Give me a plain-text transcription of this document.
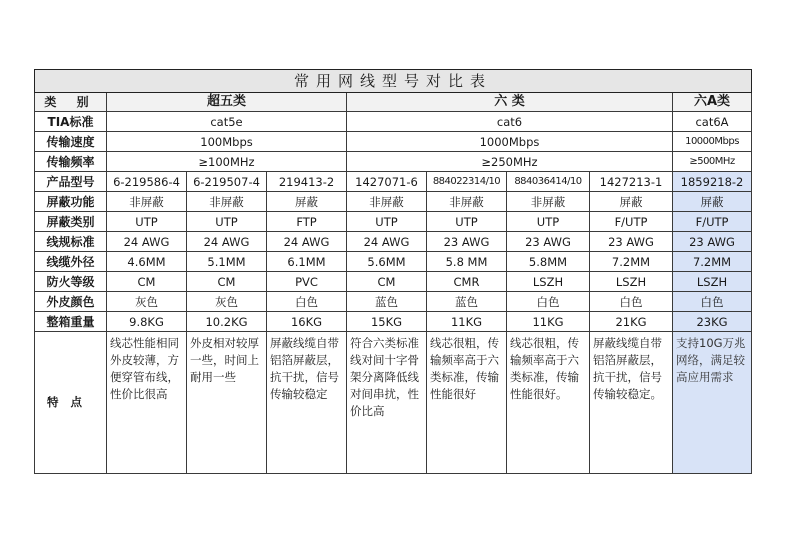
常用网线型号对比表								
类 别	超五类			六 类				六A类
TIA标准	cat5e			cat6				cat6A
传输速度	100Mbps			1000Mbps				10000Mbps
传输频率	≥100MHz			≥250MHz				≥500MHz
产品型号	6-219586-4	6-219507-4	219413-2	1427071-6	884022314/10	884036414/10	1427213-1	1859218-2
屏蔽功能	非屏蔽	非屏蔽	屏蔽	非屏蔽	非屏蔽	非屏蔽	屏蔽	屏蔽
屏蔽类别	UTP	UTP	FTP	UTP	UTP	UTP	F/UTP	F/UTP
线规标准	24 AWG	24 AWG	24 AWG	24 AWG	23 AWG	23 AWG	23 AWG	23 AWG
线缆外径	4.6MM	5.1MM	6.1MM	5.6MM	5.8 MM	5.8MM	7.2MM	7.2MM
防火等级	CM	CM	PVC	CM	CMR	LSZH	LSZH	LSZH
外皮颜色	灰色	灰色	白色	蓝色	蓝色	白色	白色	白色
整箱重量	9.8KG	10.2KG	16KG	15KG	11KG	11KG	21KG	23KG
特点	线芯性能相同外皮较薄，方便穿管布线，性价比很高	外皮相对较厚一些，时间上耐用一些	屏蔽线缆自带铝箔屏蔽层，抗干扰，信号传输较稳定	符合六类标准线对间十字骨架分离降低线对间串扰，性价比高	线芯很粗，传输频率高于六类标准，传输性能很好	线芯很粗，传输频率高于六类标准，传输性能很好。	屏蔽线缆自带铝箔屏蔽层，抗干扰，信号传输较稳定。	支持10G万兆网络，满足较高应用需求
